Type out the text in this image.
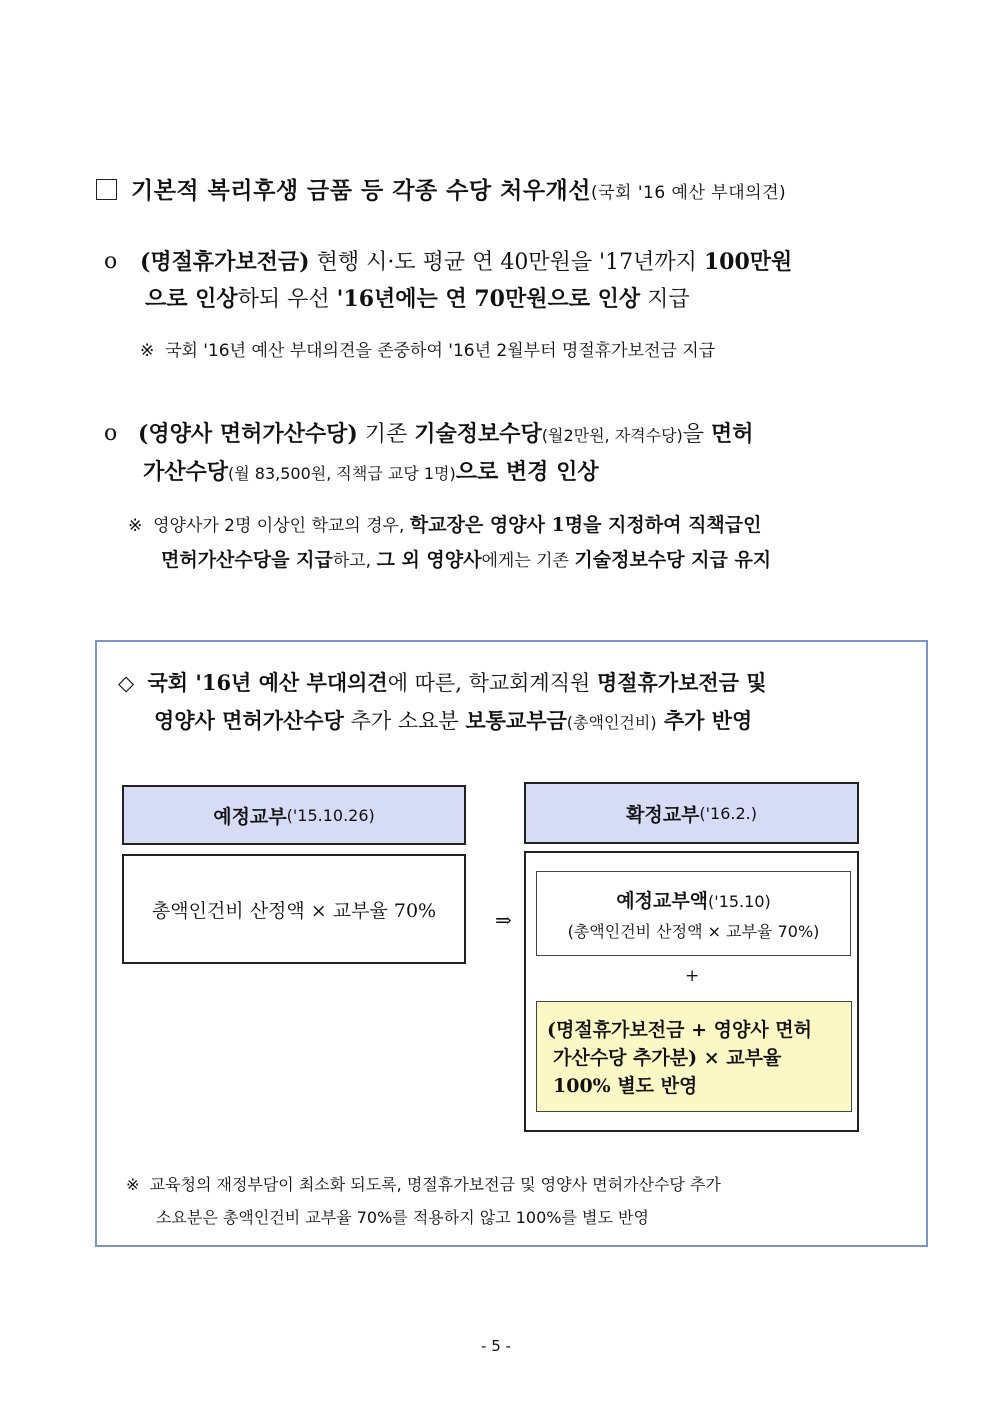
기본적 복리후생 금품 등 각종 수당 처우개선(국회 '16 예산 부대의견)
o (명절휴가보전금) 현행 시·도 평균 연 40만원을 '17년까지 100만원
으로 인상하되 우선 '16년에는 연 70만원으로 인상 지급
※ 국회 '16년 예산 부대의견을 존중하여 '16년 2월부터 명절휴가보전금 지급
o (영양사 면허가산수당) 기존 기술정보수당(월2만원, 자격수당)을 면허
가산수당(월 83,500원, 직책급 교당 1명)으로 변경 인상
※ 영양사가 2명 이상인 학교의 경우, 학교장은 영양사 1명을 지정하여 직책급인
면허가산수당을 지급하고, 그 외 영양사에게는 기존 기술정보수당 지급 유지
◇ 국회 '16년 예산 부대의견에 따른, 학교회계직원 명절휴가보전금 및
영양사 면허가산수당 추가 소요분 보통교부금(총액인건비) 추가 반영
예정교부 ('15.10.26)
총액인건비 산정액 × 교부율 70%	⇒
확정교부 ('16.2.)
예정교부액('15.10)
(총액인건비 산정액 × 교부율 70%)
+
(명절휴가보전금 + 영양사 면허
가산수당 추가분) × 교부율
100% 별도 반영
※ 교육청의 재정부담이 최소화 되도록, 명절휴가보전금 및 영양사 면허가산수당 추가
소요분은 총액인건비 교부율 70%를 적용하지 않고 100%를 별도 반영
- 5 -
